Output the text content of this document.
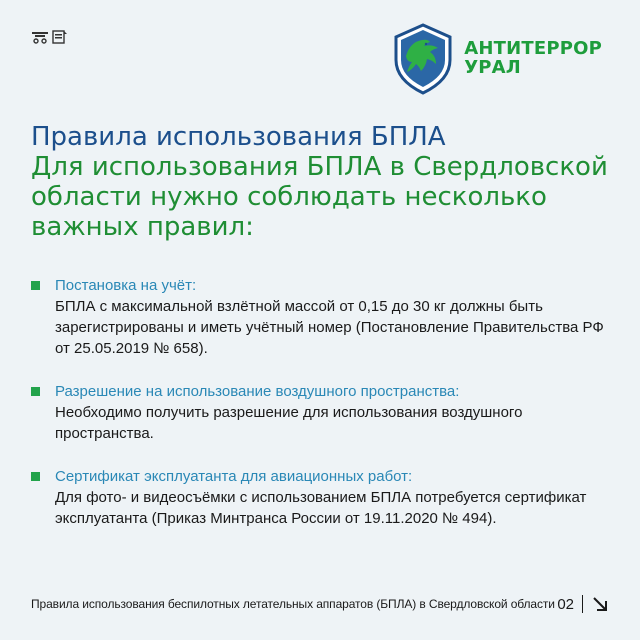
АНТИТЕРРОР
УРАЛ
Правила использования БПЛА
Для использования БПЛА в Свердловской области нужно соблюдать несколько важных правил:
Постановка на учёт:
БПЛА с максимальной взлётной массой от 0,15 до 30 кг должны быть зарегистрированы и иметь учётный номер (Постановление Правительства РФ от 25.05.2019 № 658).
Разрешение на использование воздушного пространства:
Необходимо получить разрешение для использования воздушного пространства.
Сертификат эксплуатанта для авиационных работ:
Для фото- и видеосъёмки с использованием БПЛА потребуется сертификат эксплуатанта (Приказ Минтранса России от 19.11.2020 № 494).
Правила использования беспилотных летательных аппаратов (БПЛА) в Свердловской области 02
